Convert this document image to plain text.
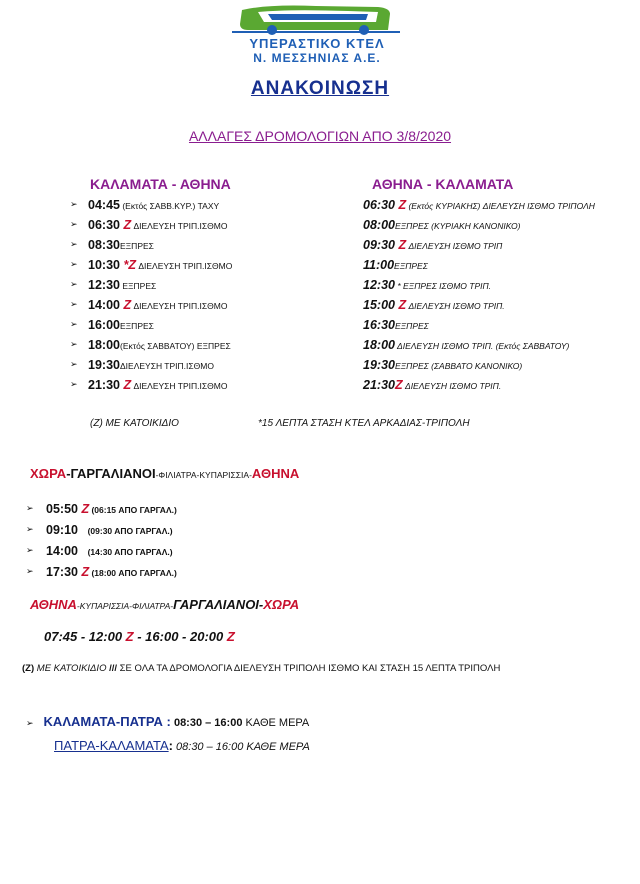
ΥΠΕΡΑΣΤΙΚΟ ΚΤΕΛ
Ν. ΜΕΣΣΗΝΙΑΣ Α.Ε.
ΑΝΑΚΟΙΝΩΣΗ
ΑΛΛΑΓΕΣ ΔΡΟΜΟΛΟΓΙΩΝ ΑΠΟ 3/8/2020
ΚΑΛΑΜΑΤΑ - ΑΘΗΝΑ	ΑΘΗΝΑ - ΚΑΛΑΜΑΤΑ
➢ 04:45 (Εκτός ΣΑΒΒ.ΚΥΡ.) ΤΑΧΥ
➢ 06:30 Z ΔΙΕΛΕΥΣΗ ΤΡΙΠ.ΙΣΘΜΟ
➢ 08:30ΕΞΠΡΕΣ
➢ 10:30 *Z ΔΙΕΛΕΥΣΗ ΤΡΙΠ.ΙΣΘΜΟ
➢ 12:30 ΕΞΠΡΕΣ
➢ 14:00 Z ΔΙΕΛΕΥΣΗ ΤΡΙΠ.ΙΣΘΜΟ
➢ 16:00ΕΞΠΡΕΣ
➢ 18:00(Εκτός ΣΑΒΒΑΤΟΥ) ΕΞΠΡΕΣ
➢ 19:30ΔΙΕΛΕΥΣΗ ΤΡΙΠ.ΙΣΘΜΟ
➢ 21:30 Z ΔΙΕΛΕΥΣΗ ΤΡΙΠ.ΙΣΘΜΟ
06:30 Z (Εκτός ΚΥΡΙΑΚΗΣ) ΔΙΕΛΕΥΣΗ ΙΣΘΜΟ ΤΡΙΠΟΛΗ
08:00ΕΞΠΡΕΣ (ΚΥΡΙΑΚΗ ΚΑΝΟΝΙΚΟ)
09:30 Z ΔΙΕΛΕΥΣΗ ΙΣΘΜΟ ΤΡΙΠ
11:00ΕΞΠΡΕΣ
12:30 * ΕΞΠΡΕΣ ΙΣΘΜΟ ΤΡΙΠ.
15:00 Z ΔΙΕΛΕΥΣΗ ΙΣΘΜΟ ΤΡΙΠ.
16:30ΕΞΠΡΕΣ
18:00 ΔΙΕΛΕΥΣΗ ΙΣΘΜΟ ΤΡΙΠ. (Εκτός ΣΑΒΒΑΤΟΥ)
19:30ΕΞΠΡΕΣ (ΣΑΒΒΑΤΟ ΚΑΝΟΝΙΚΟ)
21:30Z ΔΙΕΛΕΥΣΗ ΙΣΘΜΟ ΤΡΙΠ.
(Z) ΜΕ ΚΑΤΟΙΚΙΔΙΟ	*15 ΛΕΠΤΑ ΣΤΑΣΗ ΚΤΕΛ ΑΡΚΑΔΙΑΣ-ΤΡΙΠΟΛΗ
ΧΩΡΑ-ΓΑΡΓΑΛΙΑΝΟΙ-ΦΙΛΙΑΤΡΑ-ΚΥΠΑΡΙΣΣΙΑ-ΑΘΗΝΑ
➢ 05:50 Z (06:15 ΑΠΟ ΓΑΡΓΑΛ.)
➢ 09:10 (09:30 ΑΠΟ ΓΑΡΓΑΛ.)
➢ 14:00 (14:30 ΑΠΟ ΓΑΡΓΑΛ.)
➢ 17:30 Z (18:00 ΑΠΟ ΓΑΡΓΑΛ.)
ΑΘΗΝΑ-ΚΥΠΑΡΙΣΣΙΑ-ΦΙΛΙΑΤΡΑ-ΓΑΡΓΑΛΙΑΝΟΙ-ΧΩΡΑ
07:45 - 12:00 Z - 16:00 - 20:00 Z
(Z) ΜΕ ΚΑΤΟΙΚΙΔΙΟ /// ΣΕ ΟΛΑ ΤΑ ΔΡΟΜΟΛΟΓΙΑ ΔΙΕΛΕΥΣΗ ΤΡΙΠΟΛΗ ΙΣΘΜΟ ΚΑΙ ΣΤΑΣΗ 15 ΛΕΠΤΑ ΤΡΙΠΟΛΗ
➢ ΚΑΛΑΜΑΤΑ-ΠΑΤΡΑ : 08:30 – 16:00 ΚΑΘΕ ΜΕΡΑ
ΠΑΤΡΑ-ΚΑΛΑΜΑΤΑ: 08:30 – 16:00 ΚΑΘΕ ΜΕΡΑ
